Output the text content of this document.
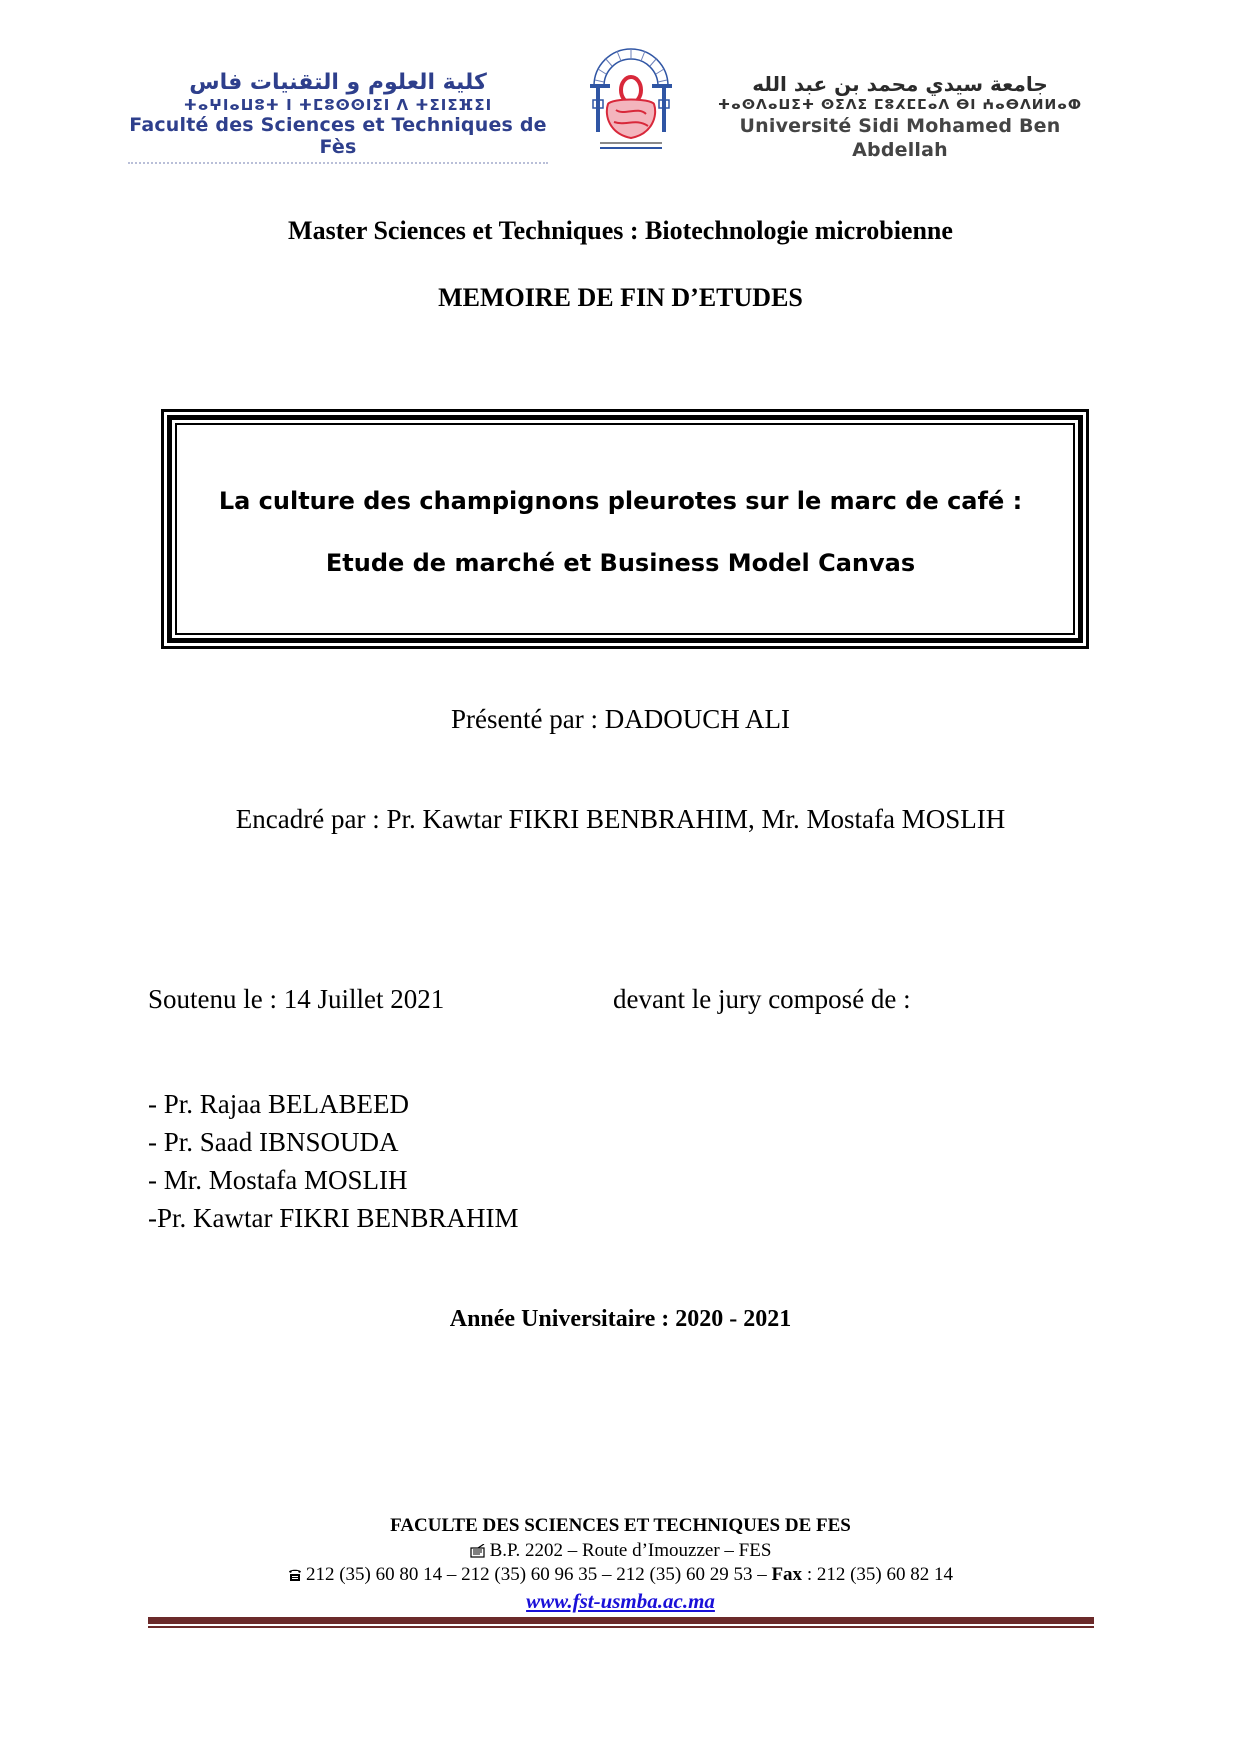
كلية العلوم و التقنيات فاس
ⵜⴰⵖⵏⴰⵡⵓⵜ ⵏ ⵜⵎⵓⵙⵙⵏⵉⵏ ⴷ ⵜⵉⵏⵉⴼⵉⵏ
Faculté des Sciences et Techniques de Fès
جامعة سيدي محمد بن عبد الله
ⵜⴰⵙⴷⴰⵡⵉⵜ ⵙⵉⴷⵉ ⵎⵓⵃⵎⵎⴰⴷ ⴱⵏ ⵄⴰⴱⴷⵍⵍⴰⵀ
Université Sidi Mohamed Ben Abdellah
Master Sciences et Techniques : Biotechnologie microbienne
MEMOIRE DE FIN D’ETUDES
La culture des champignons pleurotes sur le marc de café :
Etude de marché et Business Model Canvas
Présenté par : DADOUCH ALI
Encadré par : Pr. Kawtar FIKRI BENBRAHIM, Mr. Mostafa MOSLIH
Soutenu le : 14 Juillet 2021	devant le jury composé de :
- Pr. Rajaa BELABEED
- Pr. Saad IBNSOUDA
- Mr. Mostafa MOSLIH
-Pr. Kawtar FIKRI BENBRAHIM
Année Universitaire : 2020 - 2021
FACULTE DES SCIENCES ET TECHNIQUES DE FES
B.P. 2202 – Route d’Imouzzer – FES
212 (35) 60 80 14 – 212 (35) 60 96 35 – 212 (35) 60 29 53 – Fax : 212 (35) 60 82 14
www.fst-usmba.ac.ma
